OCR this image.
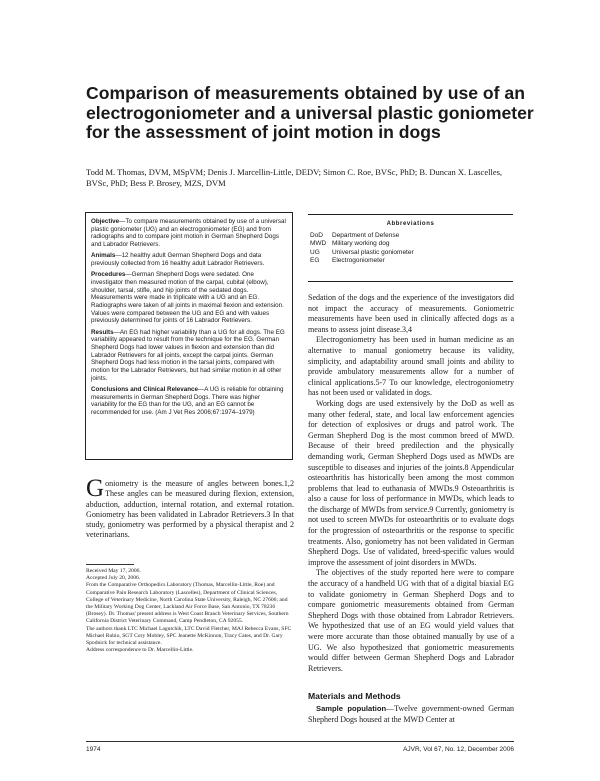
Comparison of measurements obtained by use of an electrogoniometer and a universal plastic goniometer for the assessment of joint motion in dogs

Todd M. Thomas, DVM, MSpVM; Denis J. Marcellin-Little, DEDV; Simon C. Roe, BVSc, PhD; B. Duncan X. Lascelles, BVSc, PhD; Bess P. Brosey, MZS, DVM

Objective—To compare measurements obtained by use of a universal plastic goniometer (UG) and an electrogoniometer (EG) and from radiographs and to compare joint motion in German Shepherd Dogs and Labrador Retrievers.

Animals—12 healthy adult German Shepherd Dogs and data previously collected from 16 healthy adult Labrador Retrievers.

Procedures—German Shepherd Dogs were sedated. One investigator then measured motion of the carpal, cubital (elbow), shoulder, tarsal, stifle, and hip joints of the sedated dogs. Measurements were made in triplicate with a UG and an EG. Radiographs were taken of all joints in maximal flexion and extension. Values were compared between the UG and EG and with values previously determined for joints of 16 Labrador Retrievers.

Results—An EG had higher variability than a UG for all dogs. The EG variability appeared to result from the technique for the EG. German Shepherd Dogs had lower values in flexion and extension than did Labrador Retrievers for all joints, except the carpal joints. German Shepherd Dogs had less motion in the tarsal joints, compared with motion for the Labrador Retrievers, but had similar motion in all other joints.

Conclusions and Clinical Relevance—A UG is reliable for obtaining measurements in German Shepherd Dogs. There was higher variability for the EG than for the UG, and an EG cannot be recommended for use. (Am J Vet Res 2006;67:1974–1979)

Abbreviations
DoD	Department of Defense
MWD Military working dog
UG	Universal plastic goniometer
EG	Electrogoniometer

Goniometry is the measure of angles between bones.1,2 These angles can be measured during flexion, extension, abduction, adduction, internal rotation, and external rotation. Goniometry has been validated in Labrador Retrievers.3 In that study, goniometry was performed by a physical therapist and 2 veterinarians.

Received May 17, 2006.

Accepted July 20, 2006.

From the Comparative Orthopedics Laboratory (Thomas, Marcellin-Little, Roe) and Comparative Pain Research Laboratory (Lascelles), Department of Clinical Sciences, College of Veterinary Medicine, North Carolina State University, Raleigh, NC 27606; and the Military Working Dog Center, Lackland Air Force Base, San Antonio, TX 78236 (Brosey). Dr. Thomas' present address is West Coast Branch Veterinary Services, Southern California District Veterinary Command, Camp Pendleton, CA 92055.

The authors thank LTC Michael Lagutchik, LTC David Fletcher, MAJ Rebecca Evans, SFC Michael Rubio, SGT Cory Mobley, SPC Jeanette McKinnon, Tracy Cates, and Dr. Gary Spodnick for technical assistance.

Address correspondence to Dr. Marcellin-Little.

Sedation of the dogs and the experience of the investigators did not impact the accuracy of measurements. Goniometric measurements have been used in clinically affected dogs as a means to assess joint disease.3,4

Electrogoniometry has been used in human medicine as an alternative to manual goniometry because its validity, simplicity, and adaptability around small joints and ability to provide ambulatory measurements allow for a number of clinical applications.5-7 To our knowledge, electrogoniometry has not been used or validated in dogs.

Working dogs are used extensively by the DoD as well as many other federal, state, and local law enforcement agencies for detection of explosives or drugs and patrol work. The German Shepherd Dog is the most common breed of MWD. Because of their breed predilection and the physically demanding work, German Shepherd Dogs used as MWDs are susceptible to diseases and injuries of the joints.8 Appendicular osteoarthritis has historically been among the most common problems that lead to euthanasia of MWDs.9 Osteoarthritis is also a cause for loss of performance in MWDs, which leads to the discharge of MWDs from service.9 Currently, goniometry is not used to screen MWDs for osteoarthritis or to evaluate dogs for the progression of osteoarthritis or the response to specific treatments. Also, goniometry has not been validated in German Shepherd Dogs. Use of validated, breed-specific values would improve the assessment of joint disorders in MWDs.

The objectives of the study reported here were to compare the accuracy of a handheld UG with that of a digital biaxial EG to validate goniometry in German Shepherd Dogs and to compare goniometric measurements obtained from German Shepherd Dogs with those obtained from Labrador Retrievers. We hypothesized that use of an EG would yield values that were more accurate than those obtained manually by use of a UG. We also hypothesized that goniometric measurements would differ between German Shepherd Dogs and Labrador Retrievers.

Materials and Methods

Sample population—Twelve government-owned German Shepherd Dogs housed at the MWD Center at

1974	AJVR, Vol 67, No. 12, December 2006
